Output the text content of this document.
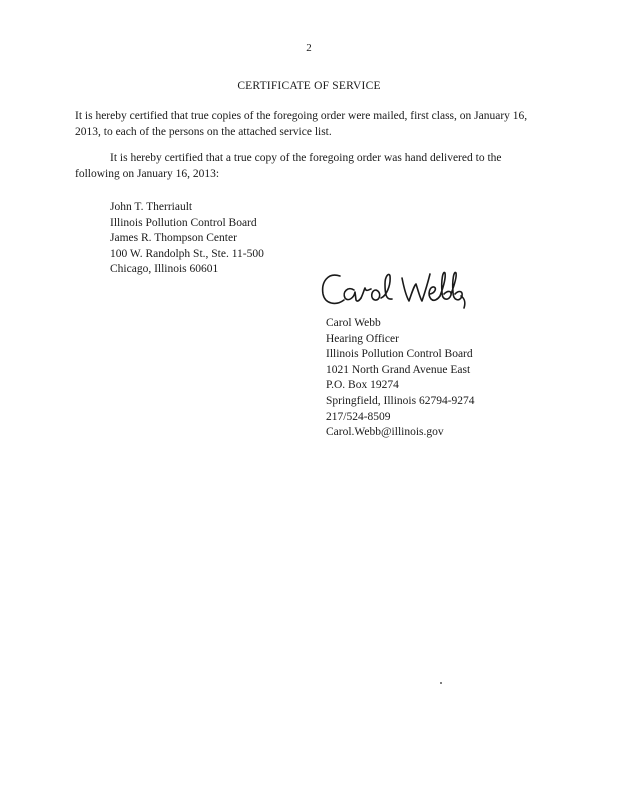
2
CERTIFICATE OF SERVICE
It is hereby certified that true copies of the foregoing order were mailed, first class, on January 16, 2013, to each of the persons on the attached service list.
It is hereby certified that a true copy of the foregoing order was hand delivered to the following on January 16, 2013:
John T. Therriault
Illinois Pollution Control Board
James R. Thompson Center
100 W. Randolph St., Ste. 11-500
Chicago, Illinois 60601
Carol Webb
Hearing Officer
Illinois Pollution Control Board
1021 North Grand Avenue East
P.O. Box 19274
Springfield, Illinois 62794-9274
217/524-8509
Carol.Webb@illinois.gov
